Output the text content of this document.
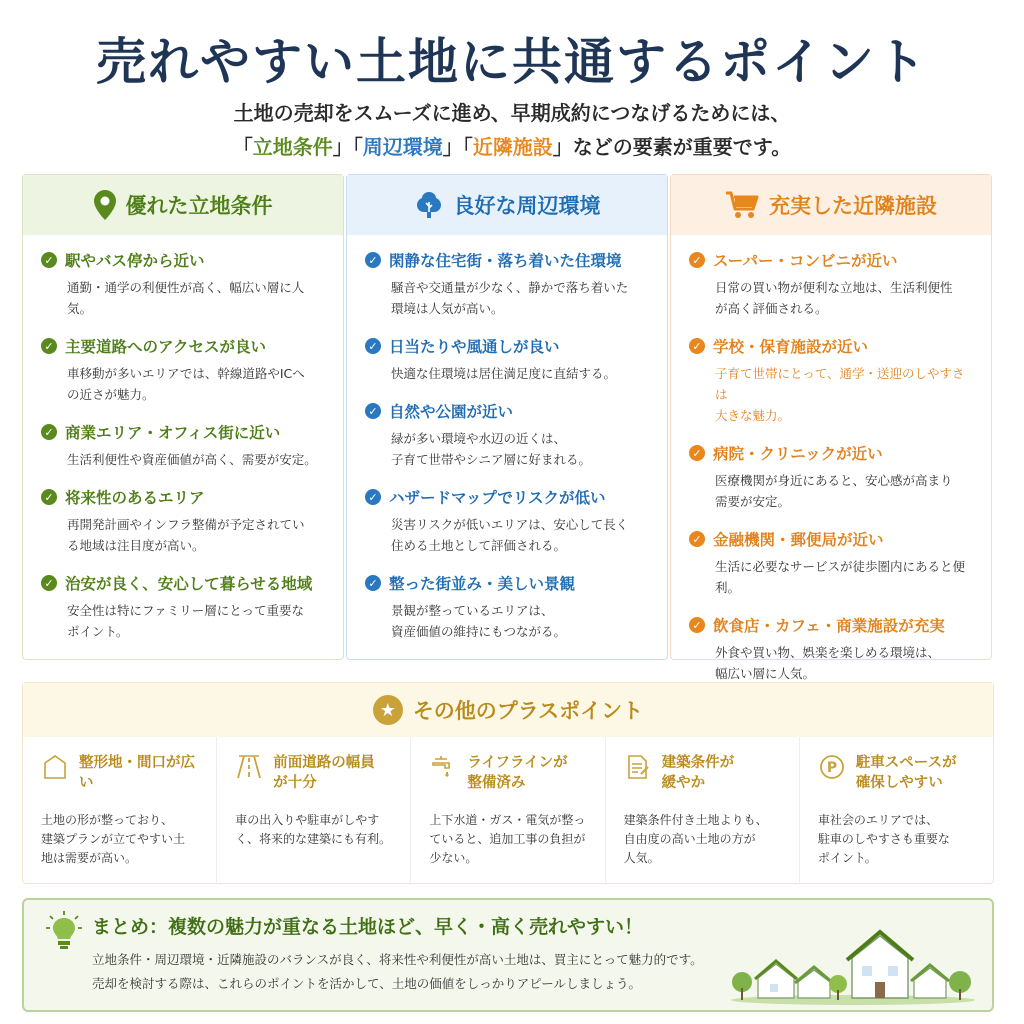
売れやすい土地に共通するポイント
土地の売却をスムーズに進め、早期成約につなげるためには、
「立地条件」「周辺環境」「近隣施設」などの要素が重要です。
優れた立地条件
✓ 駅やバス停から近い
通勤・通学の利便性が高く、幅広い層に人気。
✓ 主要道路へのアクセスが良い
車移動が多いエリアでは、幹線道路やICへ
の近さが魅力。
✓ 商業エリア・オフィス街に近い
生活利便性や資産価値が高く、需要が安定。
✓ 将来性のあるエリア
再開発計画やインフラ整備が予定されてい
る地域は注目度が高い。
✓ 治安が良く、安心して暮らせる地域
安全性は特にファミリー層にとって重要な
ポイント。
良好な周辺環境
✓ 閑静な住宅街・落ち着いた住環境
騒音や交通量が少なく、静かで落ち着いた
環境は人気が高い。
✓ 日当たりや風通しが良い
快適な住環境は居住満足度に直結する。
✓ 自然や公園が近い
緑が多い環境や水辺の近くは、
子育て世帯やシニア層に好まれる。
✓ ハザードマップでリスクが低い
災害リスクが低いエリアは、安心して長く
住める土地として評価される。
✓ 整った街並み・美しい景観
景観が整っているエリアは、
資産価値の維持にもつながる。
充実した近隣施設
✓ スーパー・コンビニが近い
日常の買い物が便利な立地は、生活利便性
が高く評価される。
✓ 学校・保育施設が近い
子育て世帯にとって、通学・送迎のしやすさは
大きな魅力。
✓ 病院・クリニックが近い
医療機関が身近にあると、安心感が高まり
需要が安定。
✓ 金融機関・郵便局が近い
生活に必要なサービスが徒歩圏内にあると便利。
✓ 飲食店・カフェ・商業施設が充実
外食や買い物、娯楽を楽しめる環境は、
幅広い層に人気。
★ その他のプラスポイント
整形地・間口が広い
土地の形が整っており、
建築プランが立てやすい土
地は需要が高い。
前面道路の幅員
が十分
車の出入りや駐車がしやす
く、将来的な建築にも有利。
ライフラインが
整備済み
上下水道・ガス・電気が整っ
ていると、追加工事の負担が
少ない。
建築条件が
緩やか
建築条件付き土地よりも、
自由度の高い土地の方が
人気。
P 駐車スペースが
確保しやすい
車社会のエリアでは、
駐車のしやすさも重要な
ポイント。
まとめ：複数の魅力が重なる土地ほど、早く・高く売れやすい！
立地条件・周辺環境・近隣施設のバランスが良く、将来性や利便性が高い土地は、買主にとって魅力的です。
売却を検討する際は、これらのポイントを活かして、土地の価値をしっかりアピールしましょう。
